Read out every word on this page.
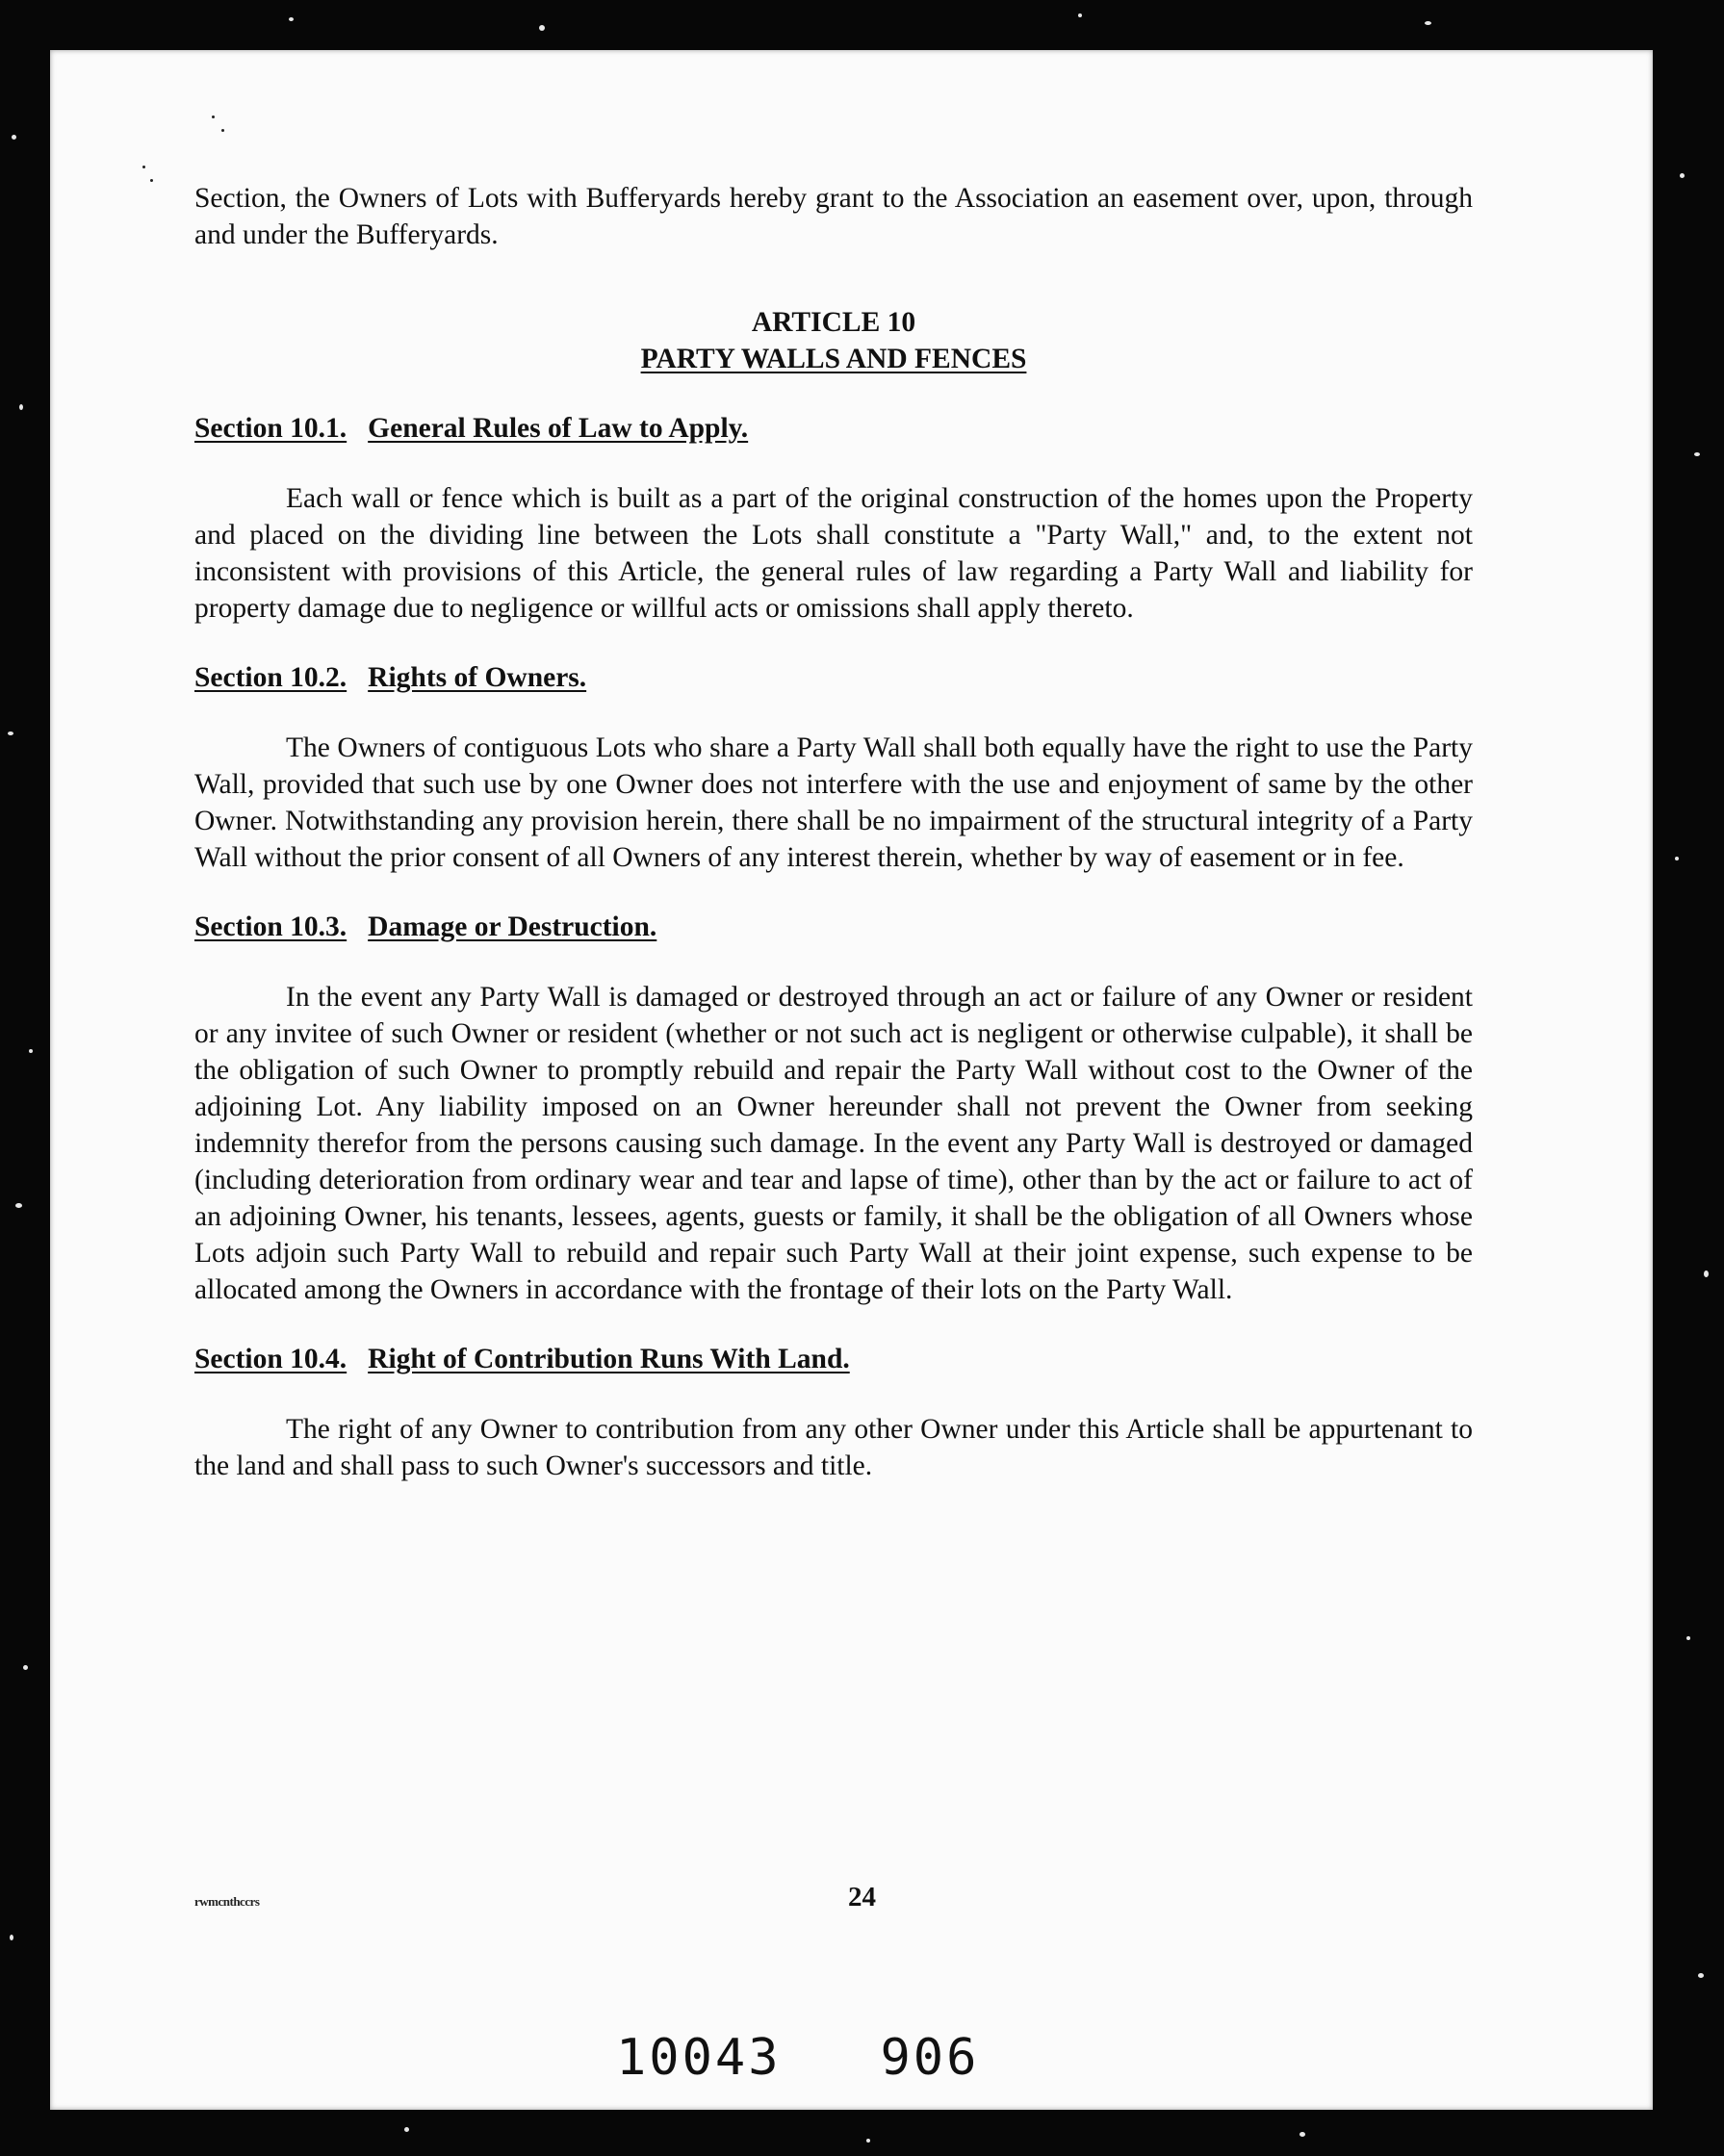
Section, the Owners of Lots with Bufferyards hereby grant to the Association an easement over, upon, through and under the Bufferyards.

ARTICLE 10
PARTY WALLS AND FENCES
Section 10.1. General Rules of Law to Apply.

Each wall or fence which is built as a part of the original construction of the homes upon the Property and placed on the dividing line between the Lots shall constitute a "Party Wall," and, to the extent not inconsistent with provisions of this Article, the general rules of law regarding a Party Wall and liability for property damage due to negligence or willful acts or omissions shall apply thereto.

Section 10.2. Rights of Owners.

The Owners of contiguous Lots who share a Party Wall shall both equally have the right to use the Party Wall, provided that such use by one Owner does not interfere with the use and enjoyment of same by the other Owner. Notwithstanding any provision herein, there shall be no impairment of the structural integrity of a Party Wall without the prior consent of all Owners of any interest therein, whether by way of easement or in fee.

Section 10.3. Damage or Destruction.

In the event any Party Wall is damaged or destroyed through an act or failure of any Owner or resident or any invitee of such Owner or resident (whether or not such act is negligent or otherwise culpable), it shall be the obligation of such Owner to promptly rebuild and repair the Party Wall without cost to the Owner of the adjoining Lot. Any liability imposed on an Owner hereunder shall not prevent the Owner from seeking indemnity therefor from the persons causing such damage. In the event any Party Wall is destroyed or damaged (including deterioration from ordinary wear and tear and lapse of time), other than by the act or failure to act of an adjoining Owner, his tenants, lessees, agents, guests or family, it shall be the obligation of all Owners whose Lots adjoin such Party Wall to rebuild and repair such Party Wall at their joint expense, such expense to be allocated among the Owners in accordance with the frontage of their lots on the Party Wall.

Section 10.4. Right of Contribution Runs With Land.

The right of any Owner to contribution from any other Owner under this Article shall be appurtenant to the land and shall pass to such Owner's successors and title.

rwmcnthccrs	24
10043   906
